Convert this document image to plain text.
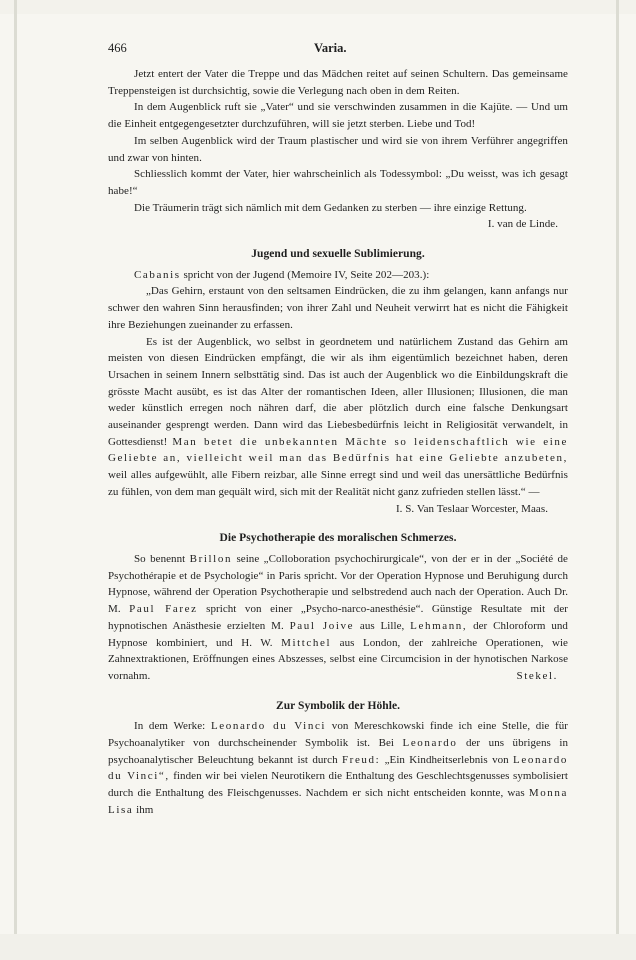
466	Varia.

Jetzt entert der Vater die Treppe und das Mädchen reitet auf seinen Schultern. Das gemeinsame Treppensteigen ist durchsichtig, sowie die Verlegung nach oben in dem Reiten.

In dem Augenblick ruft sie „Vater“ und sie verschwinden zusammen in die Kajüte. — Und um die Einheit entgegengesetzter durchzuführen, will sie jetzt sterben. Liebe und Tod!

Im selben Augenblick wird der Traum plastischer und wird sie von ihrem Verführer angegriffen und zwar von hinten.

Schliesslich kommt der Vater, hier wahrscheinlich als Todessymbol: „Du weisst, was ich gesagt habe!“

Die Träumerin trägt sich nämlich mit dem Gedanken zu sterben — ihre einzige Rettung.
I. van de Linde.

Jugend und sexuelle Sublimierung.

Cabanis spricht von der Jugend (Memoire IV, Seite 202—203.):

„Das Gehirn, erstaunt von den seltsamen Eindrücken, die zu ihm gelangen, kann anfangs nur schwer den wahren Sinn herausfinden; von ihrer Zahl und Neuheit verwirrt hat es nicht die Fähigkeit ihre Beziehungen zueinander zu erfassen.

Es ist der Augenblick, wo selbst in geordnetem und natürlichem Zustand das Gehirn am meisten von diesen Eindrücken empfängt, die wir als ihm eigentümlich bezeichnet haben, deren Ursachen in seinem Innern selbsttätig sind. Das ist auch der Augenblick wo die Einbildungskraft die grösste Macht ausübt, es ist das Alter der romantischen Ideen, aller Illusionen; Illusionen, die man weder künstlich erregen noch nähren darf, die aber plötzlich durch eine falsche Denkungsart auseinander gesprengt werden. Dann wird das Liebesbedürfnis leicht in Religiosität verwandelt, in Gottesdienst! Man betet die unbekannten Mächte so leidenschaftlich wie eine Geliebte an, vielleicht weil man das Bedürfnis hat eine Geliebte anzubeten, weil alles aufgewühlt, alle Fibern reizbar, alle Sinne erregt sind und weil das unersättliche Bedürfnis zu fühlen, von dem man gequält wird, sich mit der Realität nicht ganz zufrieden stellen lässt.“ —

I. S. Van Teslaar Worcester, Maas.

Die Psychotherapie des moralischen Schmerzes.

So benennt Brillon seine „Colloboration psychochirurgicale“, von der er in der „Société de Psychothérapie et de Psychologie“ in Paris spricht. Vor der Operation Hypnose und Beruhigung durch Hypnose, während der Operation Psychotherapie und selbstredend auch nach der Operation. Auch Dr. M. Paul Farez spricht von einer „Psycho-narco-anesthésie“. Günstige Resultate mit der hypnotischen Anästhesie erzielten M. Paul Joive aus Lille, Lehmann, der Chloroform und Hypnose kombiniert, und H. W. Mittchel aus London, der zahlreiche Operationen, wie Zahnextraktionen, Eröffnungen eines Abszesses, selbst eine Circumcision in der hynotischen Narkose vornahm.	Stekel.

Zur Symbolik der Höhle.

In dem Werke: Leonardo du Vinci von Mereschkowski finde ich eine Stelle, die für Psychoanalytiker von durchscheinender Symbolik ist. Bei Leonardo der uns übrigens in psychoanalytischer Beleuchtung bekannt ist durch Freud: „Ein Kindheitserlebnis von Leonardo du Vinci“, finden wir bei vielen Neurotikern die Enthaltung des Geschlechtsgenusses symbolisiert durch die Enthaltung des Fleischgenusses. Nachdem er sich nicht entscheiden konnte, was Monna Lisa ihm
